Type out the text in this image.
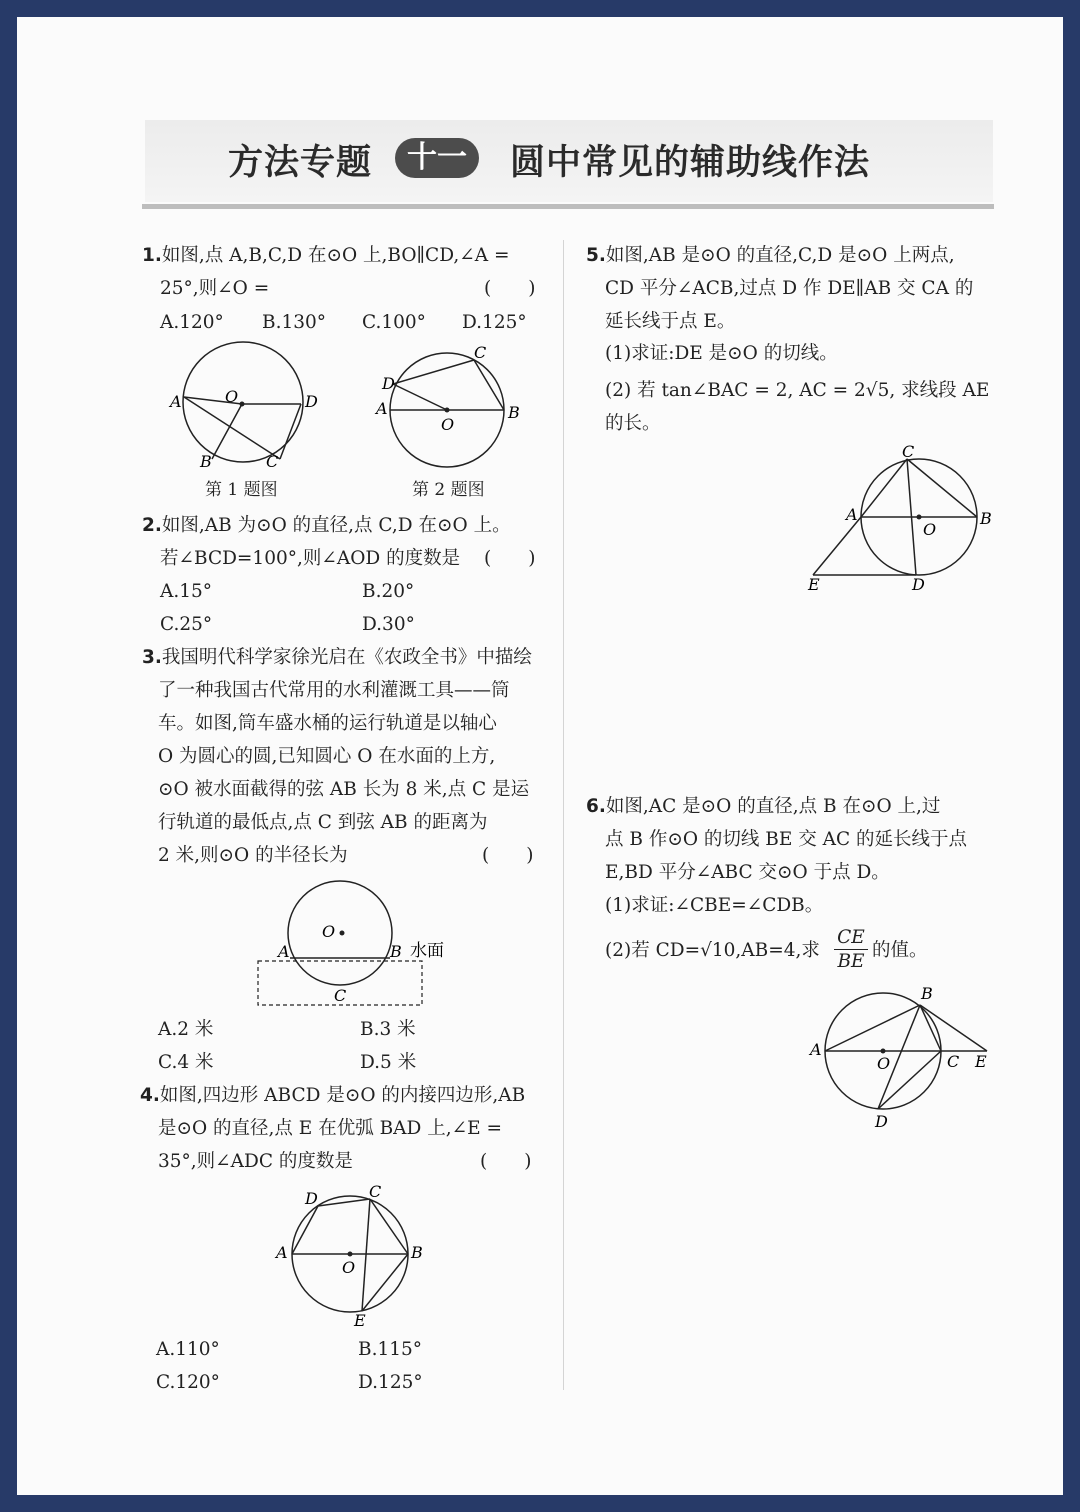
方法专题	十一	圆中常见的辅助线作法
1.如图,点 A,B,C,D 在⊙O 上,BO∥CD,∠A =
25°,则∠O =	(　　)
A.120° B.130° C.100° D.125°
A	O	D
B	C
第 1 题图
C
D
A	B
O
第 2 题图
2.如图,AB 为⊙O 的直径,点 C,D 在⊙O 上。
若∠BCD=100°,则∠AOD 的度数是 (　　)
A.15°	B.20°
C.25°	D.30°
3.我国明代科学家徐光启在《农政全书》中描绘
了一种我国古代常用的水利灌溉工具——筒
车。如图,筒车盛水桶的运行轨道是以轴心
O 为圆心的圆,已知圆心 O 在水面的上方,
⊙O 被水面截得的弦 AB 长为 8 米,点 C 是运
行轨道的最低点,点 C 到弦 AB 的距离为
2 米,则⊙O 的半径长为	(　　)
O
A	B
C
水面
A.2 米	B.3 米
C.4 米	D.5 米
4.如图,四边形 ABCD 是⊙O 的内接四边形,AB
是⊙O 的直径,点 E 在优弧 BAD 上,∠E =
35°,则∠ADC 的度数是	(　　)
D	C
A	B
O
E
A.110°	B.115°
C.120°	D.125°
5.如图,AB 是⊙O 的直径,C,D 是⊙O 上两点,
CD 平分∠ACB,过点 D 作 DE∥AB 交 CA 的
延长线于点 E。
(1)求证:DE 是⊙O 的切线。
(2) 若 tan∠BAC = 2, AC = 2√5, 求线段 AE
的长。
C
A	B
O
E	D
6.如图,AC 是⊙O 的直径,点 B 在⊙O 上,过
点 B 作⊙O 的切线 BE 交 AC 的延长线于点
E,BD 平分∠ABC 交⊙O 于点 D。
(1)求证:∠CBE=∠CDB。
(2)若 CD=√10,AB=4,求
CE
BE
的值。
B
A
O	C E
D
